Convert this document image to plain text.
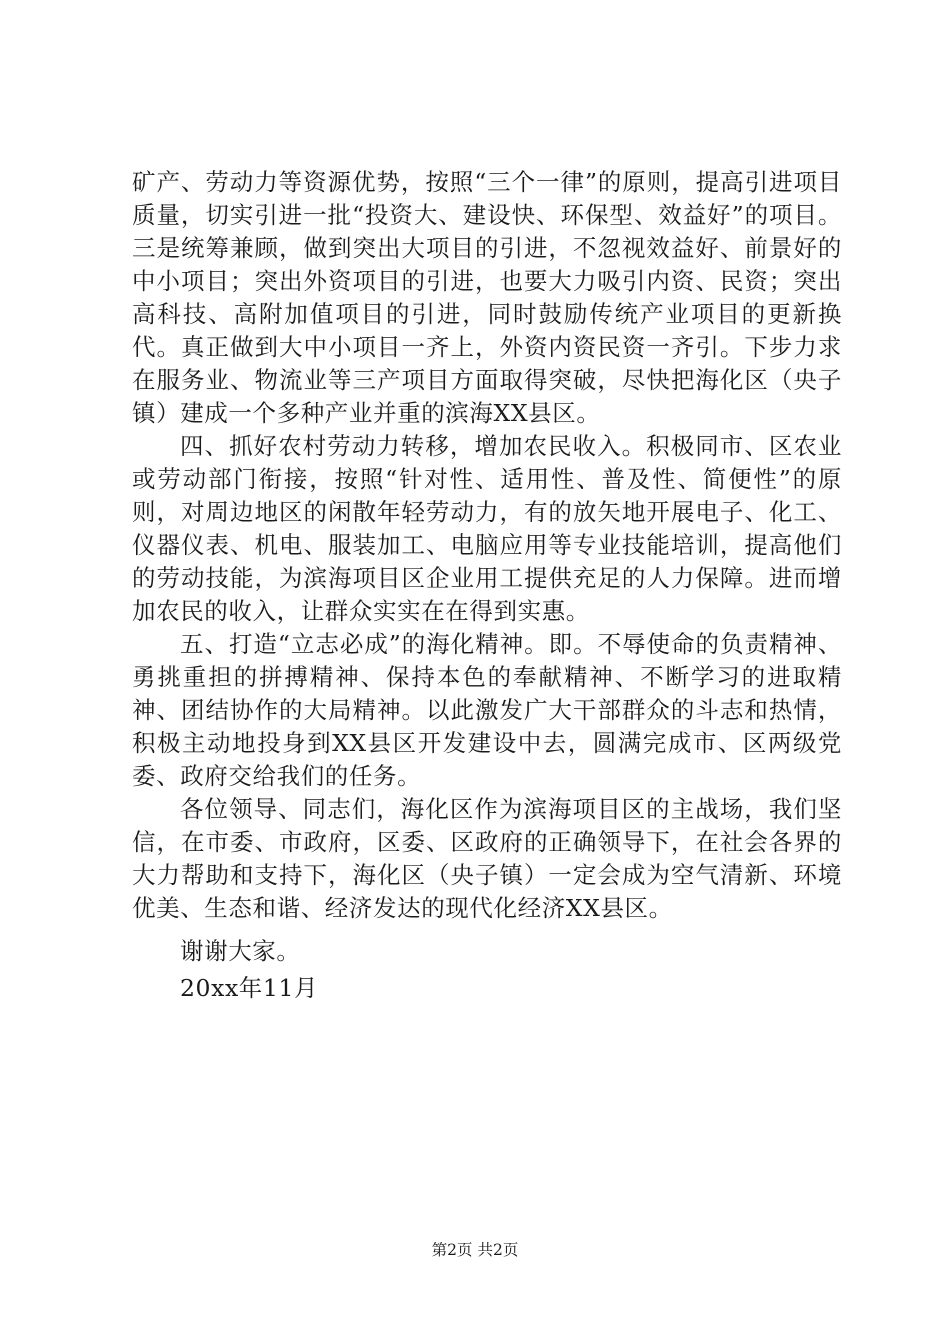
矿产、劳动力等资源优势，按照“三个一律”的原则，提高引进项目质量，切实引进一批“投资大、建设快、环保型、效益好”的项目。三是统筹兼顾，做到突出大项目的引进，不忽视效益好、前景好的中小项目；突出外资项目的引进，也要大力吸引内资、民资；突出高科技、高附加值项目的引进，同时鼓励传统产业项目的更新换代。真正做到大中小项目一齐上，外资内资民资一齐引。下步力求在服务业、物流业等三产项目方面取得突破，尽快把海化区（央子镇）建成一个多种产业并重的滨海XX县区。

四、抓好农村劳动力转移，增加农民收入。积极同市、区农业或劳动部门衔接，按照“针对性、适用性、普及性、简便性”的原则，对周边地区的闲散年轻劳动力，有的放矢地开展电子、化工、仪器仪表、机电、服装加工、电脑应用等专业技能培训，提高他们的劳动技能，为滨海项目区企业用工提供充足的人力保障。进而增加农民的收入，让群众实实在在得到实惠。

五、打造“立志必成”的海化精神。即。不辱使命的负责精神、勇挑重担的拼搏精神、保持本色的奉献精神、不断学习的进取精神、团结协作的大局精神。以此激发广大干部群众的斗志和热情，积极主动地投身到XX县区开发建设中去，圆满完成市、区两级党委、政府交给我们的任务。

各位领导、同志们，海化区作为滨海项目区的主战场，我们坚信，在市委、市政府，区委、区政府的正确领导下，在社会各界的大力帮助和支持下，海化区（央子镇）一定会成为空气清新、环境优美、生态和谐、经济发达的现代化经济XX县区。

谢谢大家。
20xx年11月
第2页 共2页
